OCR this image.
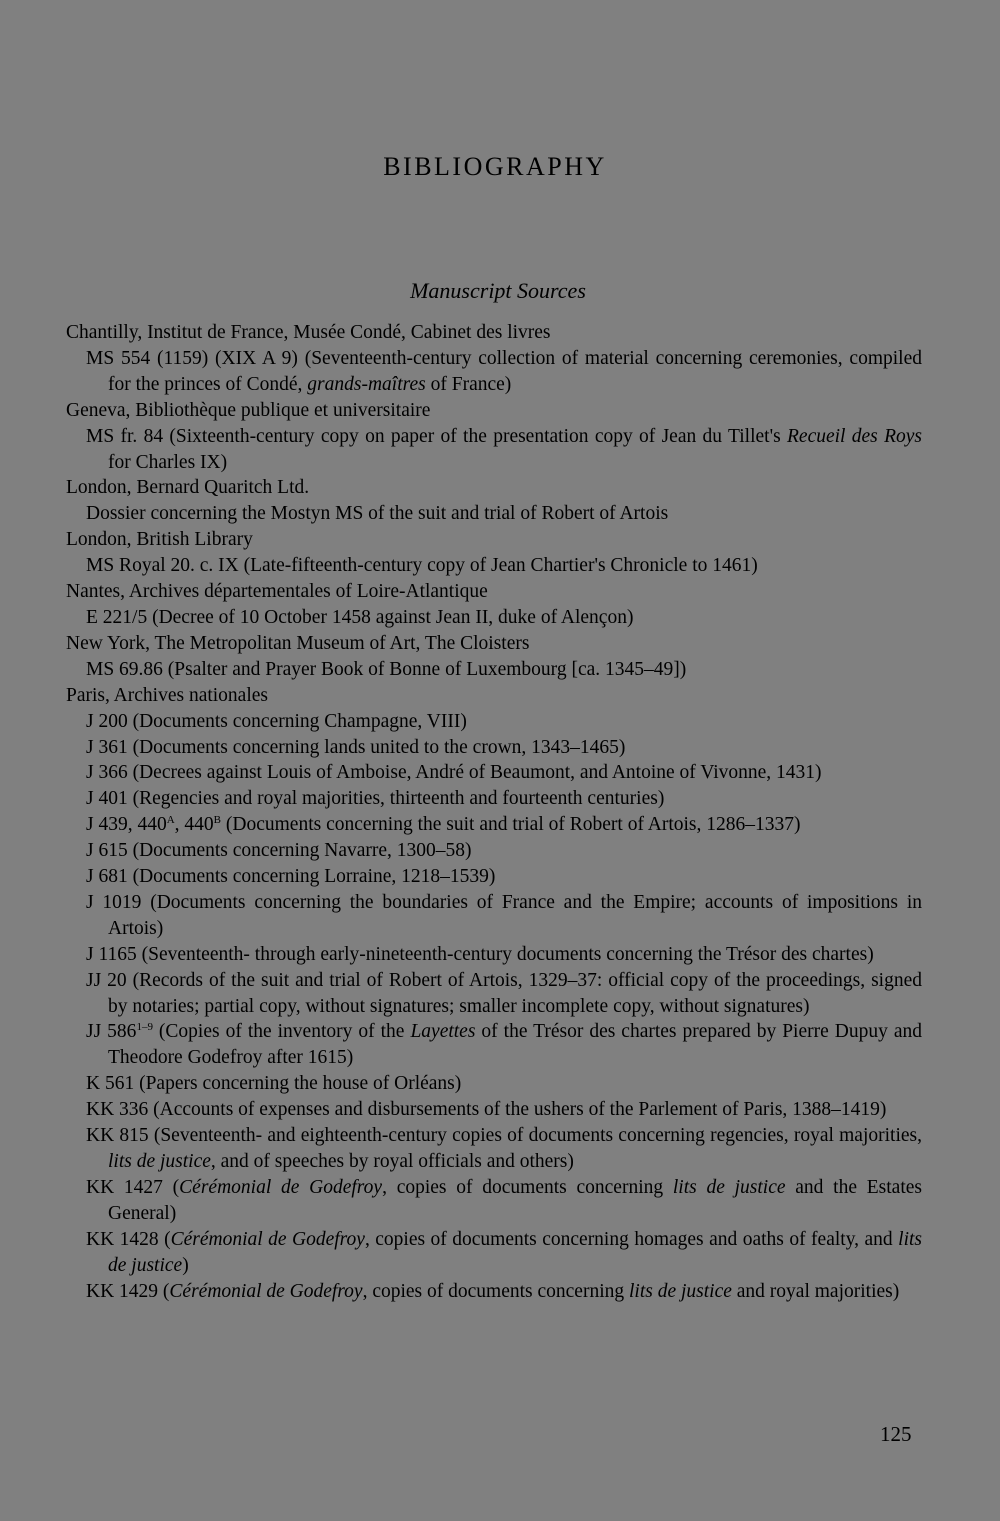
BIBLIOGRAPHY
Manuscript Sources

Chantilly, Institut de France, Musée Condé, Cabinet des livres

MS 554 (1159) (XIX A 9) (Seventeenth-century collection of material concerning ceremonies, compiled for the princes of Condé, grands-maîtres of France)

Geneva, Bibliothèque publique et universitaire

MS fr. 84 (Sixteenth-century copy on paper of the presentation copy of Jean du Tillet's Recueil des Roys for Charles IX)

London, Bernard Quaritch Ltd.

Dossier concerning the Mostyn MS of the suit and trial of Robert of Artois

London, British Library

MS Royal 20. c. IX (Late-fifteenth-century copy of Jean Chartier's Chronicle to 1461)

Nantes, Archives départementales of Loire-Atlantique

E 221/5 (Decree of 10 October 1458 against Jean II, duke of Alençon)

New York, The Metropolitan Museum of Art, The Cloisters

MS 69.86 (Psalter and Prayer Book of Bonne of Luxembourg [ca. 1345–49])

Paris, Archives nationales

J 200 (Documents concerning Champagne, VIII)

J 361 (Documents concerning lands united to the crown, 1343–1465)

J 366 (Decrees against Louis of Amboise, André of Beaumont, and Antoine of Vivonne, 1431)

J 401 (Regencies and royal majorities, thirteenth and fourteenth centuries)

J 439, $440^A$, $440^B$ (Documents concerning the suit and trial of Robert of Artois, 1286–1337)

J 615 (Documents concerning Navarre, 1300–58)

J 681 (Documents concerning Lorraine, 1218–1539)

J 1019 (Documents concerning the boundaries of France and the Empire; accounts of impositions in Artois)

J 1165 (Seventeenth- through early-nineteenth-century documents concerning the Trésor des chartes)

JJ 20 (Records of the suit and trial of Robert of Artois, 1329–37: official copy of the proceedings, signed by notaries; partial copy, without signatures; smaller incomplete copy, without signatures)

JJ 586$^{1-9}$ (Copies of the inventory of the Layettes of the Trésor des chartes prepared by Pierre Dupuy and Theodore Godefroy after 1615)

K 561 (Papers concerning the house of Orléans)

KK 336 (Accounts of expenses and disbursements of the ushers of the Parlement of Paris, 1388–1419)

KK 815 (Seventeenth- and eighteenth-century copies of documents concerning regencies, royal majorities, lits de justice, and of speeches by royal officials and others)

KK 1427 (Cérémonial de Godefroy, copies of documents concerning lits de justice and the Estates General)

KK 1428 (Cérémonial de Godefroy, copies of documents concerning homages and oaths of fealty, and lits de justice)

KK 1429 (Cérémonial de Godefroy, copies of documents concerning lits de justice and royal majorities)

125
